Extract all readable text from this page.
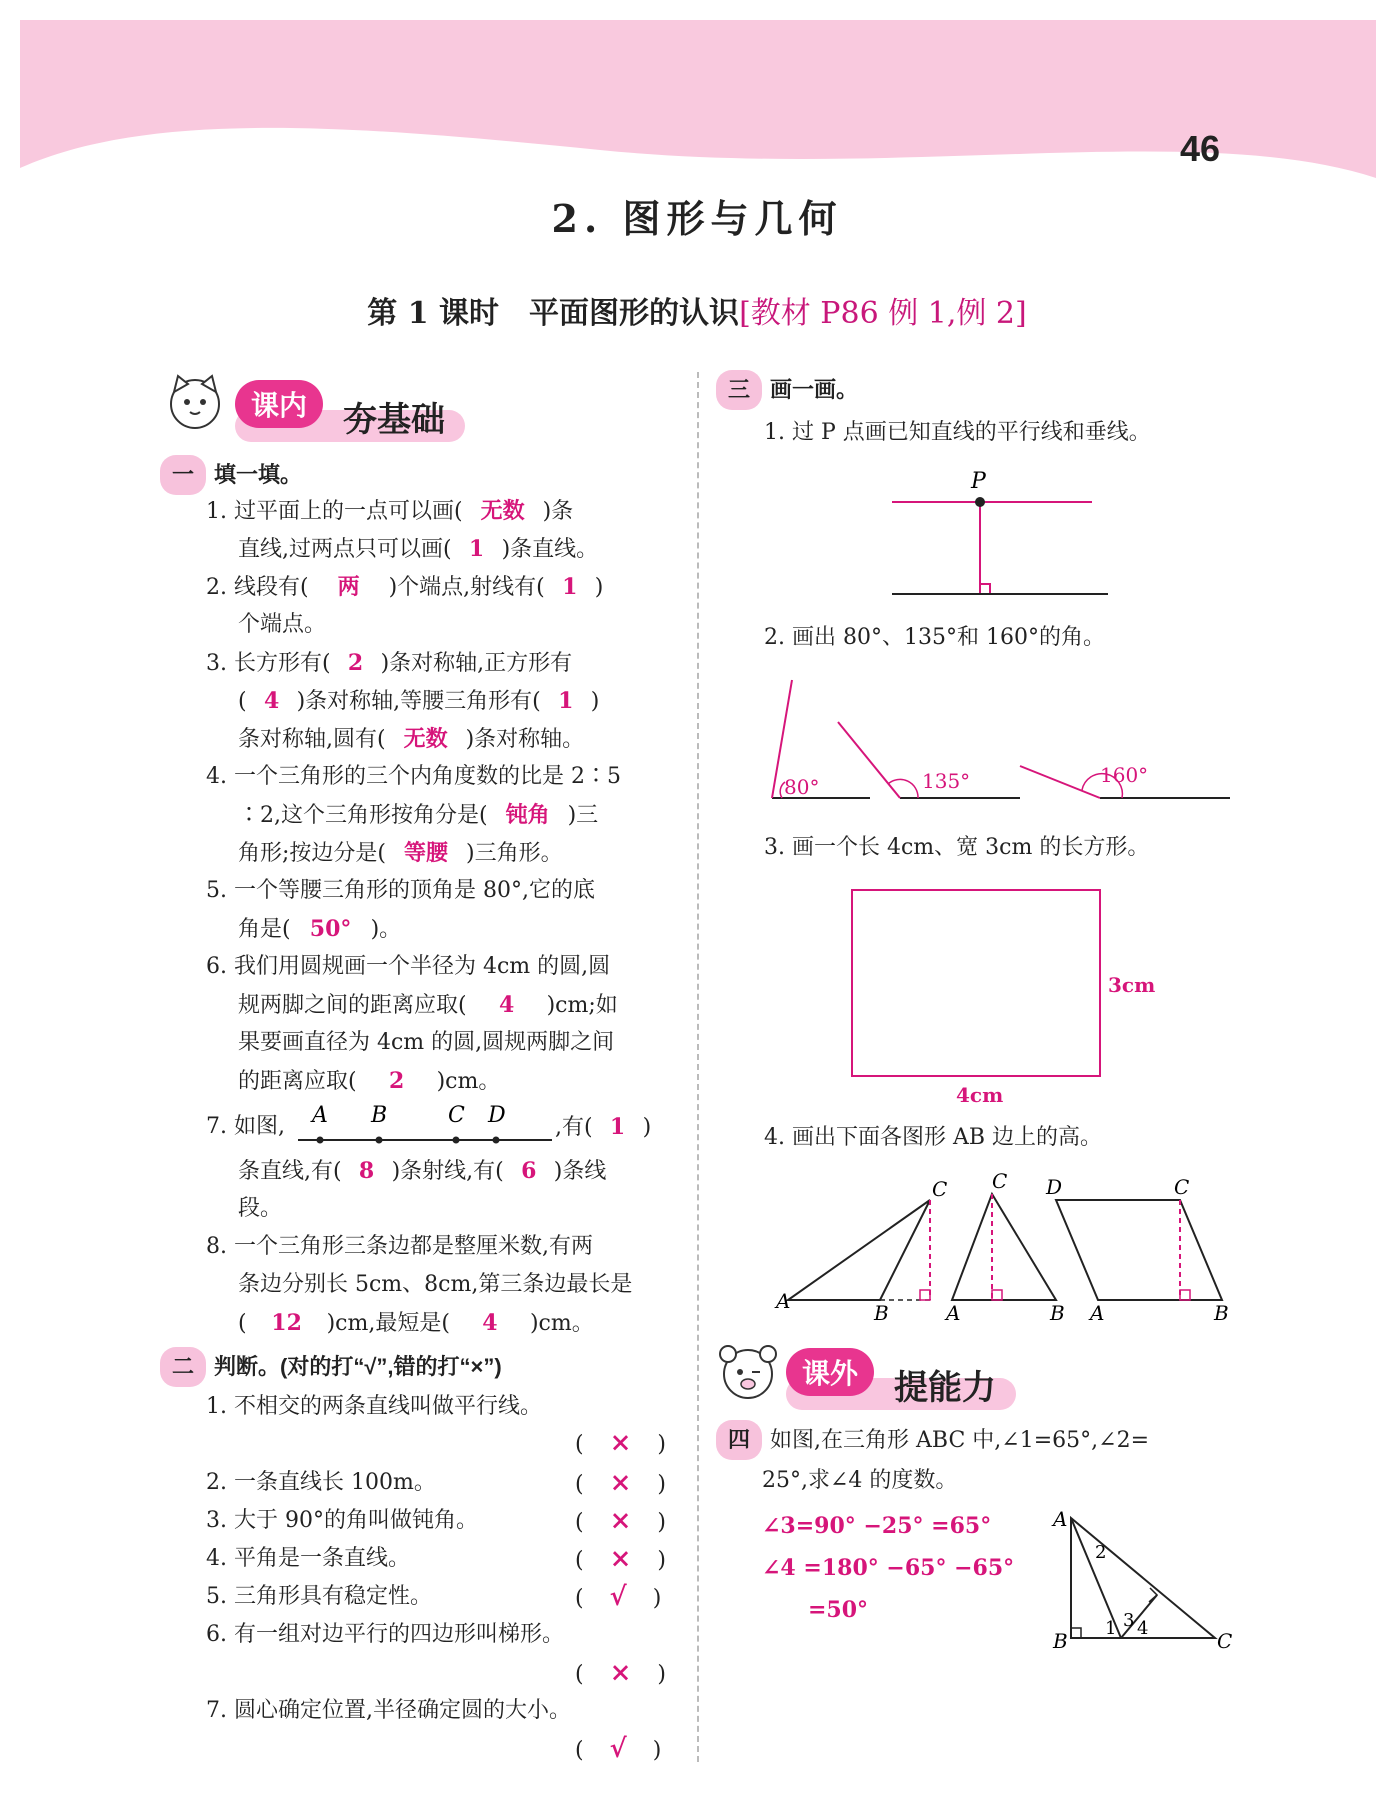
46
2. 图形与几何
第 1 课时　平面图形的认识[教材 P86 例 1,例 2]
课内	夯基础
一 填一填。
1. 过平面上的一点可以画( 无数 )条
直线,过两点只可以画( 1 )条直线。
2. 线段有( 两 )个端点,射线有( 1 )
个端点。
3. 长方形有( 2 )条对称轴,正方形有
( 4 )条对称轴,等腰三角形有( 1 )
条对称轴,圆有( 无数 )条对称轴。
4. 一个三角形的三个内角度数的比是 2∶5
∶2,这个三角形按角分是( 钝角 )三
角形;按边分是( 等腰 )三角形。
5. 一个等腰三角形的顶角是 80°,它的底
角是( 50° )。
6. 我们用圆规画一个半径为 4cm 的圆,圆
规两脚之间的距离应取( 4 )cm;如
果要画直径为 4cm 的圆,圆规两脚之间
的距离应取( 2 )cm。
7. 如图, A B	C D ,有( 1 )
条直线,有( 8 )条射线,有( 6 )条线
段。
8. 一个三角形三条边都是整厘米数,有两
条边分别长 5cm、8cm,第三条边最长是
( 12 )cm,最短是( 4 )cm。
二 判断。(对的打“√”,错的打“×”)
1. 不相交的两条直线叫做平行线。
( × )
2. 一条直线长 100m。	( × )
3. 大于 90°的角叫做钝角。	( × )
4. 平角是一条直线。	( × )
5. 三角形具有稳定性。	( √ )
6. 有一组对边平行的四边形叫梯形。
( × )
7. 圆心确定位置,半径确定圆的大小。
( √ )
三 画一画。
1. 过 P 点画已知直线的平行线和垂线。
P
2. 画出 80°、135°和 160°的角。
80°	135°	160°
3. 画一个长 4cm、宽 3cm 的长方形。
4cm
3cm
4. 画出下面各图形 AB 边上的高。
A	B
C
A	B
C
A	B
C
D
课外	提能力
四 如图,在三角形 ABC 中,∠1=65°,∠2=
25°,求∠4 的度数。
∠3=90° −25° =65°
∠4 =180° −65° −65°
=50°
A
B	C
1
2
3 4
